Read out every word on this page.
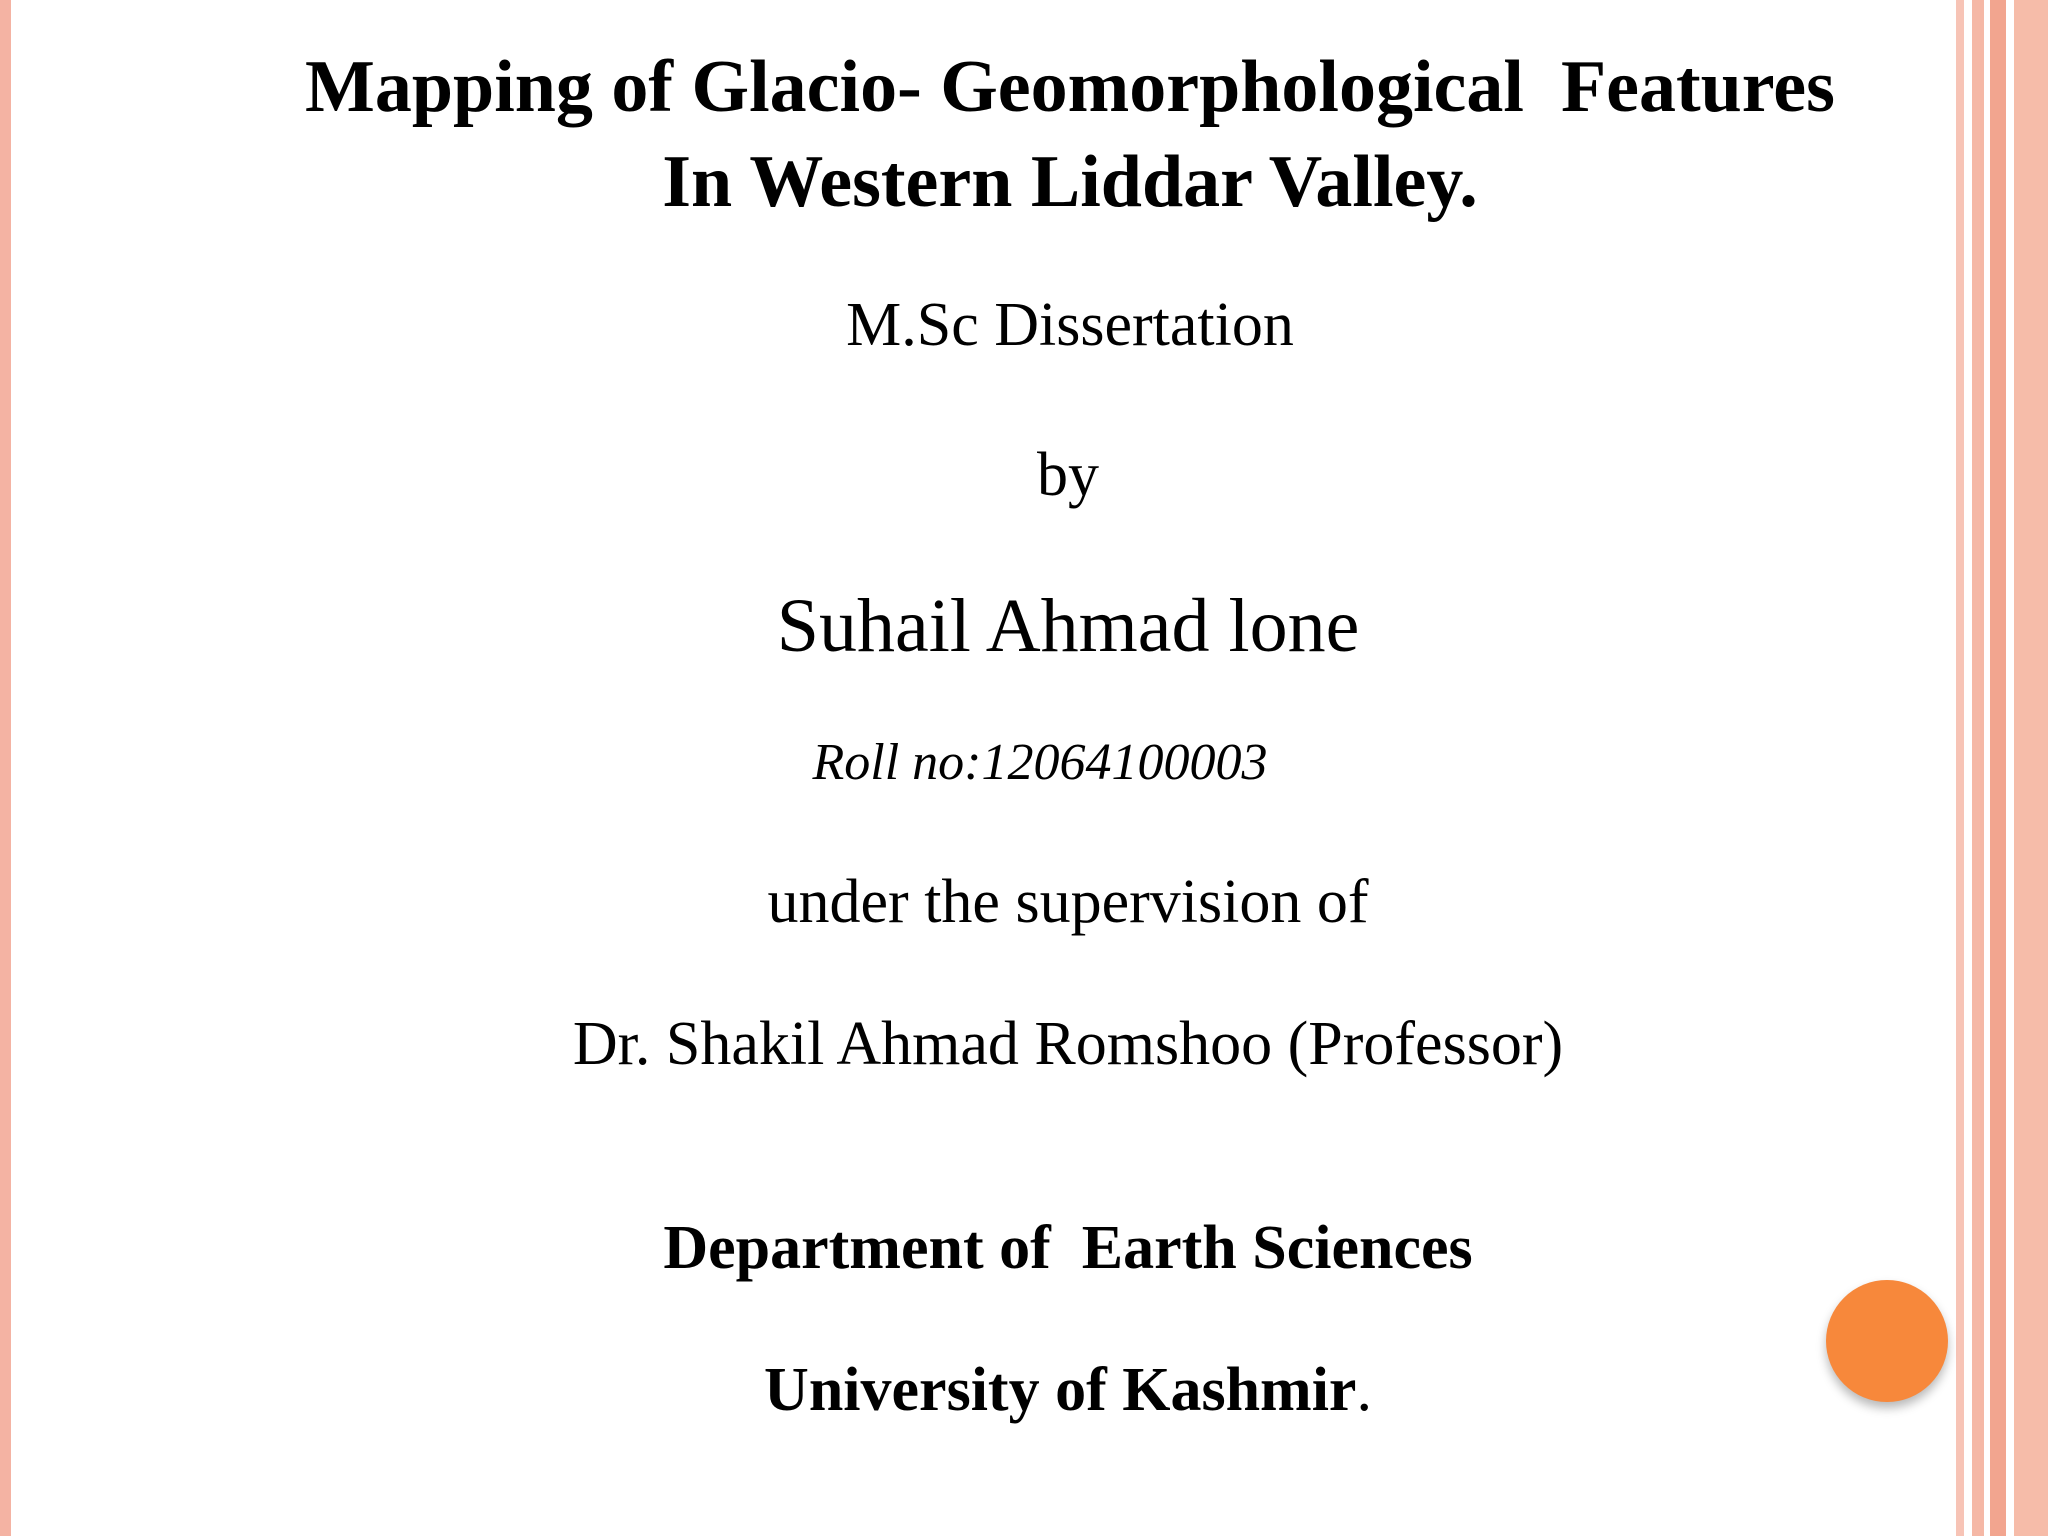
Mapping of Glacio- Geomorphological  Features
In Western Liddar Valley.
M.Sc Dissertation
by
Suhail Ahmad lone
Roll no:12064100003
under the supervision of
Dr. Shakil Ahmad Romshoo (Professor)
Department of  Earth Sciences
University of Kashmir.
